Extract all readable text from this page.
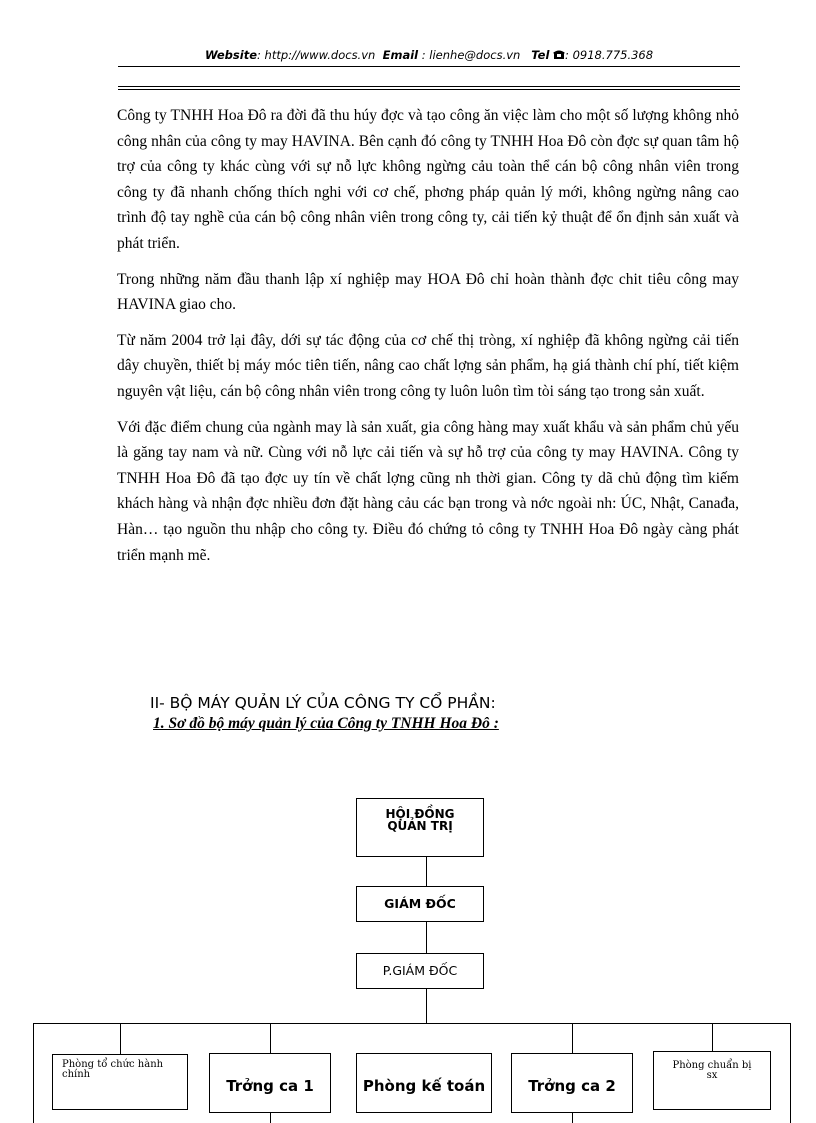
Website: http://www.docs.vn Email : lienhe@docs.vn Tel : 0918.775.368

Công ty TNHH Hoa Đô ra đời đã thu húy đợc và tạo công ăn việc làm cho một số lượng không nhỏ công nhân của công ty may HAVINA. Bên cạnh đó công ty TNHH Hoa Đô còn đợc sự quan tâm hộ trợ của công ty khác cùng với sự nỗ lực không ngừng cảu toàn thể cán bộ công nhân viên trong công ty đã nhanh chống thích nghi với cơ chế, phơng pháp quản lý mới, không ngừng nâng cao trình độ tay nghề của cán bộ công nhân viên trong công ty, cải tiến kỷ thuật để ổn định sản xuất và phát triển.

Trong những năm đầu thanh lập xí nghiệp may HOA Đô chỉ hoàn thành đợc chit tiêu công may HAVINA giao cho.

Từ năm 2004 trở lại đây, dới sự tác động của cơ chế thị tròng, xí nghiệp đã không ngừng cải tiến dây chuyền, thiết bị máy móc tiên tiến, nâng cao chất lợng sản phẩm, hạ giá thành chí phí, tiết kiệm nguyên vật liệu, cán bộ công nhân viên trong công ty luôn luôn tìm tòi sáng tạo trong sản xuất.

Với đặc điểm chung của ngành may là sản xuất, gia công hàng may xuất khẩu và sản phẩm chủ yếu là găng tay nam và nữ. Cùng với nỗ lực cải tiến và sự hỗ trợ của công ty may HAVINA. Công ty TNHH Hoa Đô đã tạo đợc uy tín về chất lợng cũng nh thời gian. Công ty dã chủ động tìm kiếm khách hàng và nhận đợc nhiều đơn đặt hàng cảu các bạn trong và nớc ngoài nh: ÚC, Nhật, Canađa, Hàn… tạo nguồn thu nhập cho công ty. Điều đó chứng tỏ công ty TNHH Hoa Đô ngày càng phát triển mạnh mẽ.

II- BỘ MÁY QUẢN LÝ CỦA CÔNG TY CỔ PHẦN:
1. Sơ đồ bộ máy quản lý của Công ty TNHH Hoa Đô :
HỘI ĐỒNG
QUẢN TRỊ
GIÁM ĐỐC
P.GIÁM ĐỐC
Phòng tổ chức hành chính
Trởng ca 1	Phòng kế toán	Trởng ca 2
Phòng chuẩn bị sx
